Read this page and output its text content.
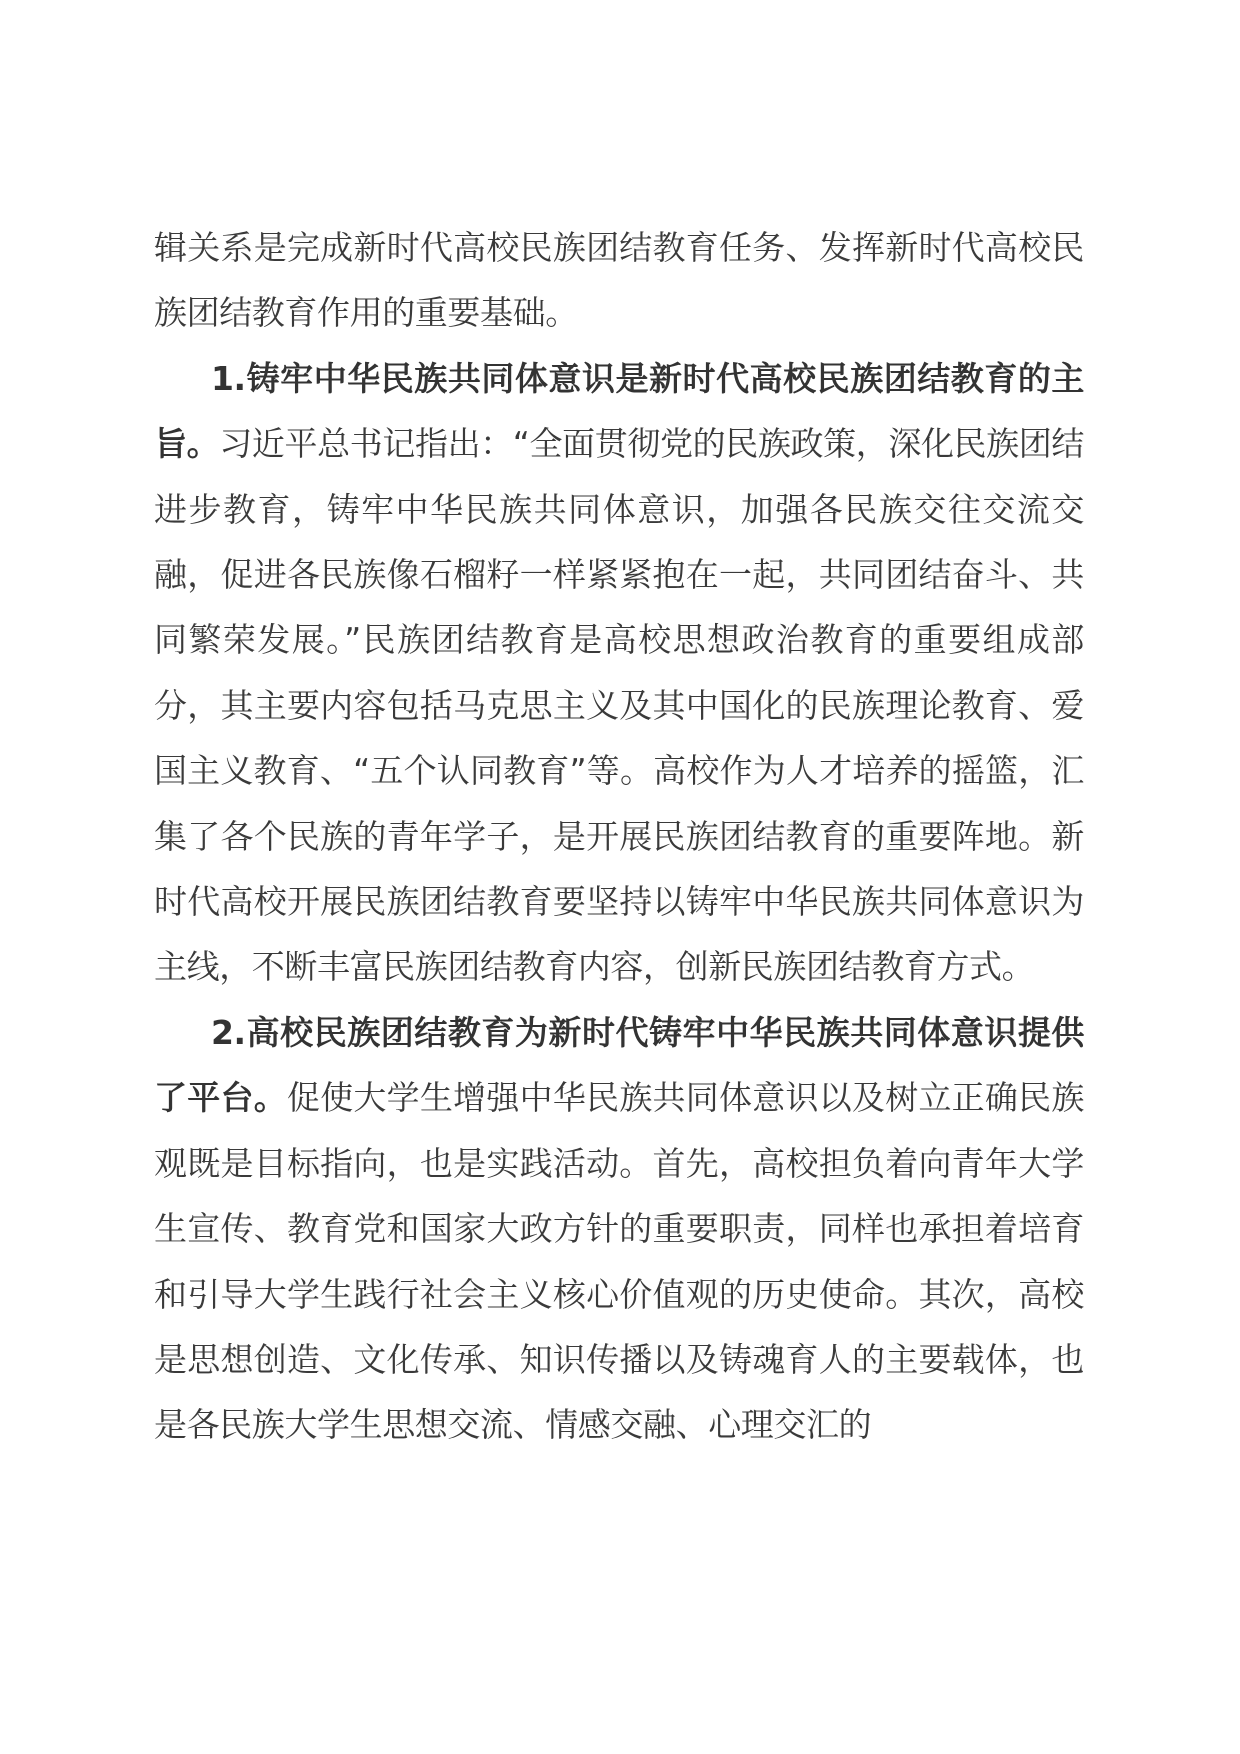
辑关系是完成新时代高校民族团结教育任务、发挥新时代高校民族团结教育作用的重要基础。

1.铸牢中华民族共同体意识是新时代高校民族团结教育的主旨。习近平总书记指出：“全面贯彻党的民族政策，深化民族团结进步教育，铸牢中华民族共同体意识，加强各民族交往交流交融，促进各民族像石榴籽一样紧紧抱在一起，共同团结奋斗、共同繁荣发展。”民族团结教育是高校思想政治教育的重要组成部分，其主要内容包括马克思主义及其中国化的民族理论教育、爱国主义教育、“五个认同教育”等。高校作为人才培养的摇篮，汇集了各个民族的青年学子，是开展民族团结教育的重要阵地。新时代高校开展民族团结教育要坚持以铸牢中华民族共同体意识为主线，不断丰富民族团结教育内容，创新民族团结教育方式。

2.高校民族团结教育为新时代铸牢中华民族共同体意识提供了平台。促使大学生增强中华民族共同体意识以及树立正确民族观既是目标指向，也是实践活动。首先，高校担负着向青年大学生宣传、教育党和国家大政方针的重要职责，同样也承担着培育和引导大学生践行社会主义核心价值观的历史使命。其次，高校是思想创造、文化传承、知识传播以及铸魂育人的主要载体，也是各民族大学生思想交流、情感交融、心理交汇的
